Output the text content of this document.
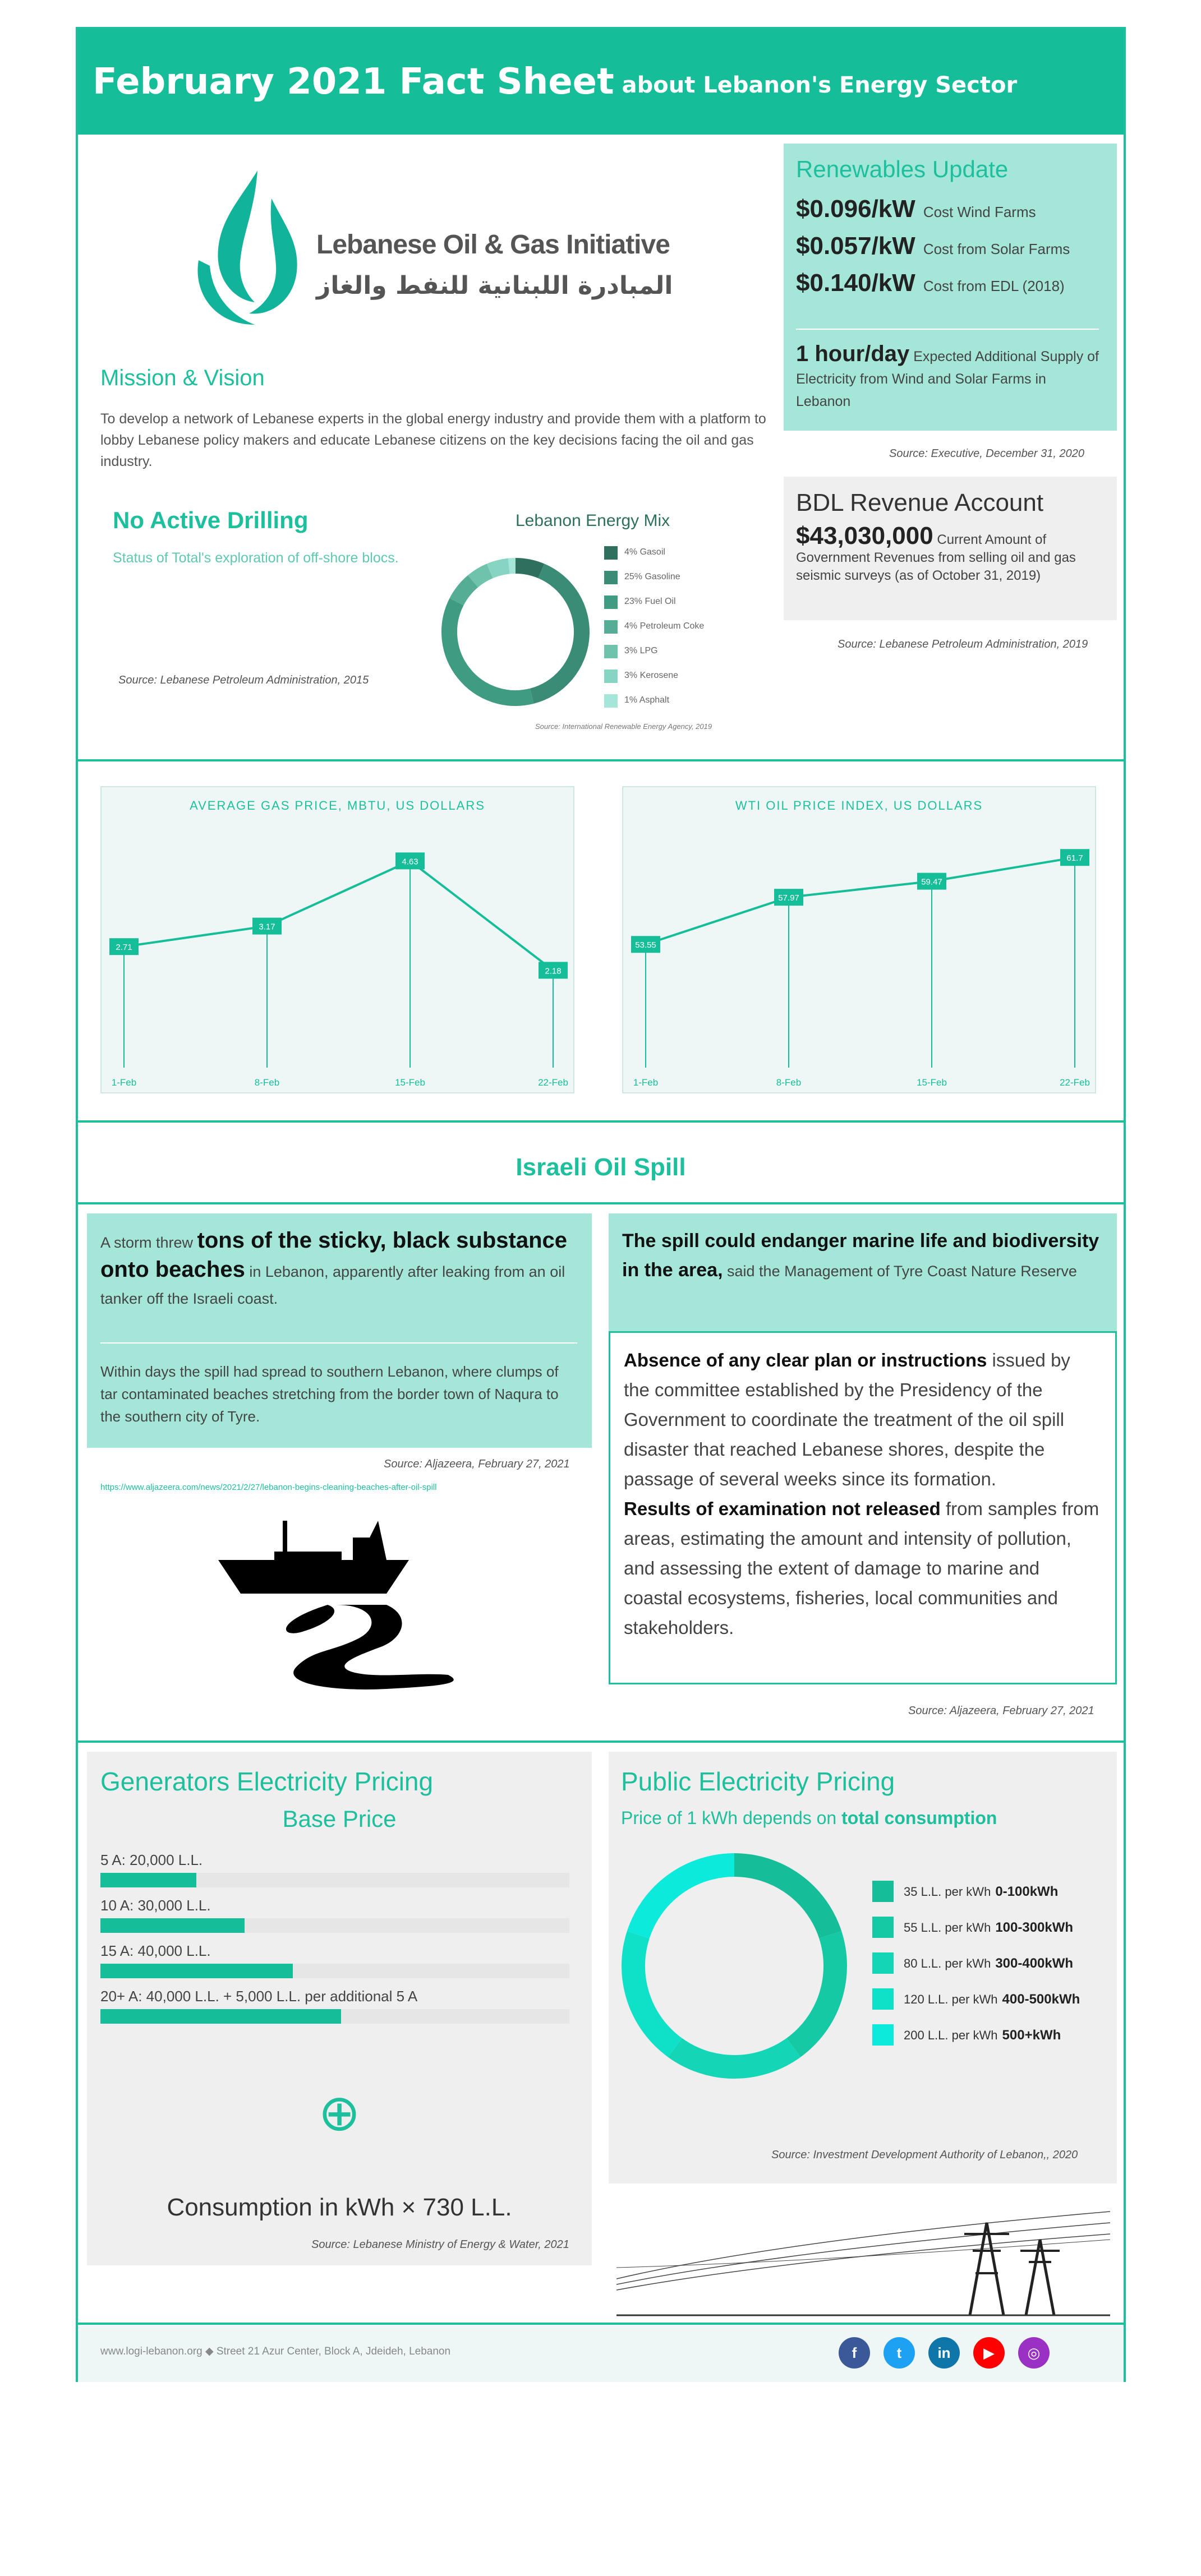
February 2021 Fact Sheet about Lebanon's Energy Sector
Lebanese Oil & Gas Initiative
المبادرة اللبنانية للنفط والغاز
Mission & Vision
To develop a network of Lebanese experts in the global energy industry and provide them with a platform to lobby Lebanese policy makers and educate Lebanese citizens on the key decisions facing the oil and gas industry.
No Active Drilling
Status of Total's exploration of off-shore blocs.
Source: Lebanese Petroleum Administration, 2015
Lebanon Energy Mix
4% Gasoil
25% Gasoline
23% Fuel Oil
4% Petroleum Coke
3% LPG
3% Kerosene
1% Asphalt
Source: International Renewable Energy Agency, 2019
Renewables Update
$0.096/kW Cost Wind Farms
$0.057/kW Cost from Solar Farms
$0.140/kW Cost from EDL (2018)
1 hour/day Expected Additional Supply of Electricity from Wind and Solar Farms in Lebanon
Source: Executive, December 31, 2020
BDL Revenue Account
$43,030,000 Current Amount of Government Revenues from selling oil and gas seismic surveys (as of October 31, 2019)
Source: Lebanese Petroleum Administration, 2019
AVERAGE GAS PRICE, MBTU, US DOLLARS
2.71
1-Feb
3.17
8-Feb
4.63
15-Feb
2.18
22-Feb
WTI OIL PRICE INDEX, US DOLLARS
53.55
1-Feb
57.97
8-Feb
59.47
15-Feb
61.7
22-Feb
Israeli Oil Spill
A storm threw tons of the sticky, black substance onto beaches in Lebanon, apparently after leaking from an oil tanker off the Israeli coast.
Within days the spill had spread to southern Lebanon, where clumps of tar contaminated beaches stretching from the border town of Naqura to the southern city of Tyre.
Source: Aljazeera, February 27, 2021
https://www.aljazeera.com/news/2021/2/27/lebanon-begins-cleaning-beaches-after-oil-spill
The spill could endanger marine life and biodiversity in the area, said the Management of Tyre Coast Nature Reserve
Absence of any clear plan or instructions issued by the committee established by the Presidency of the Government to coordinate the treatment of the oil spill disaster that reached Lebanese shores, despite the passage of several weeks since its formation.
Results of examination not released from samples from areas, estimating the amount and intensity of pollution, and assessing the extent of damage to marine and coastal ecosystems, fisheries, local communities and stakeholders.
Source: Aljazeera, February 27, 2021
Generators Electricity Pricing
Base Price
5 A: 20,000 L.L.
10 A: 30,000 L.L.
15 A: 40,000 L.L.
20+ A: 40,000 L.L. + 5,000 L.L. per additional 5 A
⊕
Consumption in kWh × 730 L.L.
Source: Lebanese Ministry of Energy & Water, 2021
Public Electricity Pricing
Price of 1 kWh depends on total consumption
35 L.L. per kWh 0-100kWh
55 L.L. per kWh 100-300kWh
80 L.L. per kWh 300-400kWh
120 L.L. per kWh 400-500kWh
200 L.L. per kWh 500+kWh
Source: Investment Development Authority of Lebanon,, 2020
www.logi-lebanon.org ◆ Street 21 Azur Center, Block A, Jdeideh, Lebanon	f	t	in	▶	◎
